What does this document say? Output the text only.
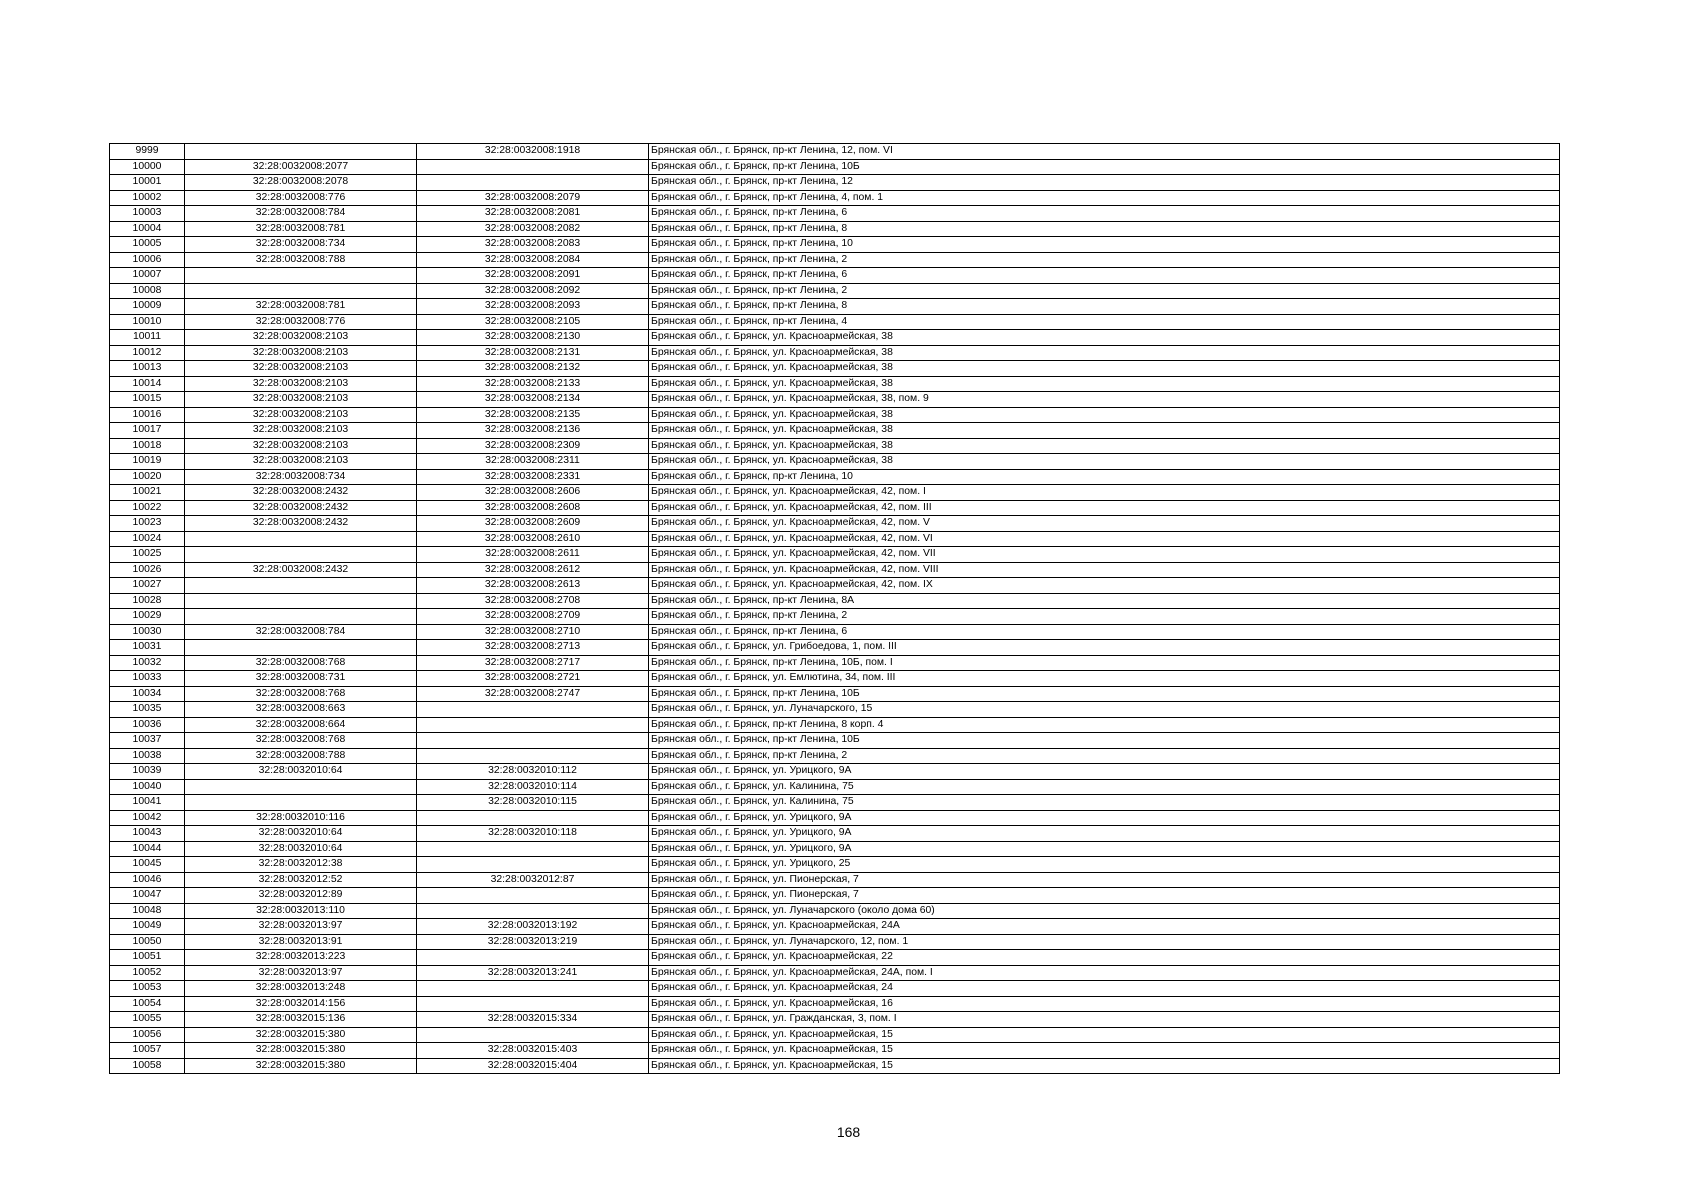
9999		32:28:0032008:1918	Брянская обл., г. Брянск, пр-кт Ленина, 12, пом. VI
10000	32:28:0032008:2077		Брянская обл., г. Брянск, пр-кт Ленина, 10Б
10001	32:28:0032008:2078		Брянская обл., г. Брянск, пр-кт Ленина, 12
10002	32:28:0032008:776	32:28:0032008:2079	Брянская обл., г. Брянск, пр-кт Ленина, 4, пом. 1
10003	32:28:0032008:784	32:28:0032008:2081	Брянская обл., г. Брянск, пр-кт Ленина, 6
10004	32:28:0032008:781	32:28:0032008:2082	Брянская обл., г. Брянск, пр-кт Ленина, 8
10005	32:28:0032008:734	32:28:0032008:2083	Брянская обл., г. Брянск, пр-кт Ленина, 10
10006	32:28:0032008:788	32:28:0032008:2084	Брянская обл., г. Брянск, пр-кт Ленина, 2
10007		32:28:0032008:2091	Брянская обл., г. Брянск, пр-кт Ленина, 6
10008		32:28:0032008:2092	Брянская обл., г. Брянск, пр-кт Ленина, 2
10009	32:28:0032008:781	32:28:0032008:2093	Брянская обл., г. Брянск, пр-кт Ленина, 8
10010	32:28:0032008:776	32:28:0032008:2105	Брянская обл., г. Брянск, пр-кт Ленина, 4
10011	32:28:0032008:2103	32:28:0032008:2130	Брянская обл., г. Брянск, ул. Красноармейская, 38
10012	32:28:0032008:2103	32:28:0032008:2131	Брянская обл., г. Брянск, ул. Красноармейская, 38
10013	32:28:0032008:2103	32:28:0032008:2132	Брянская обл., г. Брянск, ул. Красноармейская, 38
10014	32:28:0032008:2103	32:28:0032008:2133	Брянская обл., г. Брянск, ул. Красноармейская, 38
10015	32:28:0032008:2103	32:28:0032008:2134	Брянская обл., г. Брянск, ул. Красноармейская, 38, пом. 9
10016	32:28:0032008:2103	32:28:0032008:2135	Брянская обл., г. Брянск, ул. Красноармейская, 38
10017	32:28:0032008:2103	32:28:0032008:2136	Брянская обл., г. Брянск, ул. Красноармейская, 38
10018	32:28:0032008:2103	32:28:0032008:2309	Брянская обл., г. Брянск, ул. Красноармейская, 38
10019	32:28:0032008:2103	32:28:0032008:2311	Брянская обл., г. Брянск, ул. Красноармейская, 38
10020	32:28:0032008:734	32:28:0032008:2331	Брянская обл., г. Брянск, пр-кт Ленина, 10
10021	32:28:0032008:2432	32:28:0032008:2606	Брянская обл., г. Брянск, ул. Красноармейская, 42, пом. I
10022	32:28:0032008:2432	32:28:0032008:2608	Брянская обл., г. Брянск, ул. Красноармейская, 42, пом. III
10023	32:28:0032008:2432	32:28:0032008:2609	Брянская обл., г. Брянск, ул. Красноармейская, 42, пом. V
10024		32:28:0032008:2610	Брянская обл., г. Брянск, ул. Красноармейская, 42, пом. VI
10025		32:28:0032008:2611	Брянская обл., г. Брянск, ул. Красноармейская, 42, пом. VII
10026	32:28:0032008:2432	32:28:0032008:2612	Брянская обл., г. Брянск, ул. Красноармейская, 42, пом. VIII
10027		32:28:0032008:2613	Брянская обл., г. Брянск, ул. Красноармейская, 42, пом. IX
10028		32:28:0032008:2708	Брянская обл., г. Брянск, пр-кт Ленина, 8А
10029		32:28:0032008:2709	Брянская обл., г. Брянск, пр-кт Ленина, 2
10030	32:28:0032008:784	32:28:0032008:2710	Брянская обл., г. Брянск, пр-кт Ленина, 6
10031		32:28:0032008:2713	Брянская обл., г. Брянск, ул. Грибоедова, 1, пом. III
10032	32:28:0032008:768	32:28:0032008:2717	Брянская обл., г. Брянск, пр-кт Ленина, 10Б, пом. I
10033	32:28:0032008:731	32:28:0032008:2721	Брянская обл., г. Брянск, ул. Емлютина, 34, пом. III
10034	32:28:0032008:768	32:28:0032008:2747	Брянская обл., г. Брянск, пр-кт Ленина, 10Б
10035	32:28:0032008:663		Брянская обл., г. Брянск, ул. Луначарского, 15
10036	32:28:0032008:664		Брянская обл., г. Брянск, пр-кт Ленина, 8 корп. 4
10037	32:28:0032008:768		Брянская обл., г. Брянск, пр-кт Ленина, 10Б
10038	32:28:0032008:788		Брянская обл., г. Брянск, пр-кт Ленина, 2
10039	32:28:0032010:64	32:28:0032010:112	Брянская обл., г. Брянск, ул. Урицкого, 9А
10040		32:28:0032010:114	Брянская обл., г. Брянск, ул. Калинина, 75
10041		32:28:0032010:115	Брянская обл., г. Брянск, ул. Калинина, 75
10042	32:28:0032010:116		Брянская обл., г. Брянск, ул. Урицкого, 9А
10043	32:28:0032010:64	32:28:0032010:118	Брянская обл., г. Брянск, ул. Урицкого, 9А
10044	32:28:0032010:64		Брянская обл., г. Брянск, ул. Урицкого, 9А
10045	32:28:0032012:38		Брянская обл., г. Брянск, ул. Урицкого, 25
10046	32:28:0032012:52	32:28:0032012:87	Брянская обл., г. Брянск, ул. Пионерская, 7
10047	32:28:0032012:89		Брянская обл., г. Брянск, ул. Пионерская, 7
10048	32:28:0032013:110		Брянская обл., г. Брянск, ул. Луначарского (около дома 60)
10049	32:28:0032013:97	32:28:0032013:192	Брянская обл., г. Брянск, ул. Красноармейская, 24А
10050	32:28:0032013:91	32:28:0032013:219	Брянская обл., г. Брянск, ул. Луначарского, 12, пом. 1
10051	32:28:0032013:223		Брянская обл., г. Брянск, ул. Красноармейская, 22
10052	32:28:0032013:97	32:28:0032013:241	Брянская обл., г. Брянск, ул. Красноармейская, 24А, пом. I
10053	32:28:0032013:248		Брянская обл., г. Брянск, ул. Красноармейская, 24
10054	32:28:0032014:156		Брянская обл., г. Брянск, ул. Красноармейская, 16
10055	32:28:0032015:136	32:28:0032015:334	Брянская обл., г. Брянск, ул. Гражданская, 3, пом. I
10056	32:28:0032015:380		Брянская обл., г. Брянск, ул. Красноармейская, 15
10057	32:28:0032015:380	32:28:0032015:403	Брянская обл., г. Брянск, ул. Красноармейская, 15
10058	32:28:0032015:380	32:28:0032015:404	Брянская обл., г. Брянск, ул. Красноармейская, 15
168
